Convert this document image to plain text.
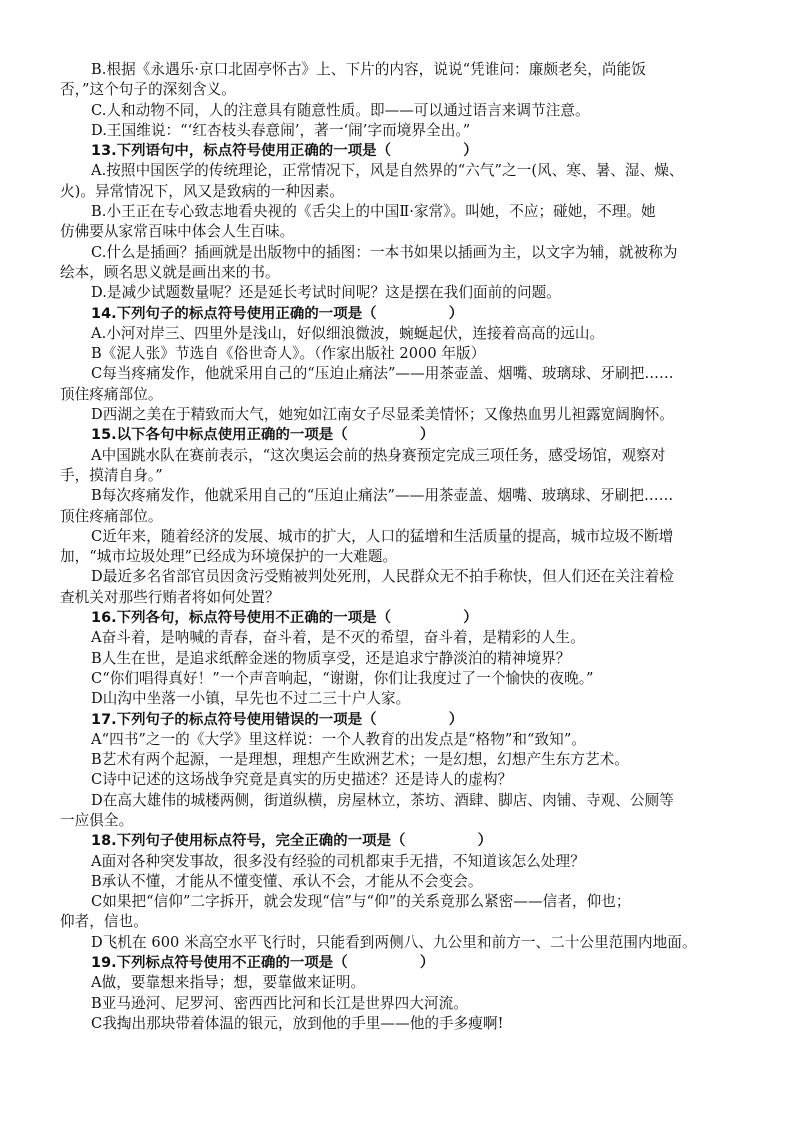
B.根据《永遇乐·京口北固亭怀古》上、下片的内容，说说“凭谁问：廉颇老矣，尚能饭
否，”这个句子的深刻含义。
C.人和动物不同，人的注意具有随意性质。即——可以通过语言来调节注意。
D.王国维说：“‘红杏枝头春意闹’，著一‘闹’字而境界全出。”
13.下列语句中，标点符号使用正确的一项是（　　　　　）
A.按照中国医学的传统理论，正常情况下，风是自然界的“六气”之一(风、寒、暑、湿、燥、
火)。异常情况下，风又是致病的一种因素。
B.小王正在专心致志地看央视的《舌尖上的中国Ⅱ·家常》。叫她，不应；碰她，不理。她
仿佛要从家常百味中体会人生百味。
C.什么是插画？插画就是出版物中的插图：一本书如果以插画为主，以文字为辅，就被称为
绘本，顾名思义就是画出来的书。
D.是减少试题数量呢？还是延长考试时间呢？这是摆在我们面前的问题。
14.下列句子的标点符号使用正确的一项是（　　　　　）
A.小河对岸三、四里外是浅山，好似细浪微波，蜿蜒起伏，连接着高高的远山。
B《泥人张》节选自《俗世奇人》。（作家出版社 2000 年版）
C每当疼痛发作，他就采用自己的“压迫止痛法”——用茶壶盖、烟嘴、玻璃球、牙刷把……
顶住疼痛部位。
D西湖之美在于精致而大气，她宛如江南女子尽显柔美情怀；又像热血男儿袒露宽阔胸怀。
15.以下各句中标点使用正确的一项是（　　　　　）
A中国跳水队在赛前表示，“这次奥运会前的热身赛预定完成三项任务，感受场馆，观察对
手，摸清自身。”
B每次疼痛发作，他就采用自己的“压迫止痛法”——用茶壶盖、烟嘴、玻璃球、牙刷把……
顶住疼痛部位。
C近年来，随着经济的发展、城市的扩大，人口的猛增和生活质量的提高，城市垃圾不断增
加，“城市垃圾处理”已经成为环境保护的一大难题。
D最近多名省部官员因贪污受贿被判处死刑，人民群众无不拍手称快，但人们还在关注着检
查机关对那些行贿者将如何处置？
16.下列各句，标点符号使用不正确的一项是（　　　　　）
A奋斗着，是呐喊的青春，奋斗着，是不灭的希望，奋斗着，是精彩的人生。
B人生在世，是追求纸醉金迷的物质享受，还是追求宁静淡泊的精神境界？
C“你们唱得真好！”一个声音响起，“谢谢，你们让我度过了一个愉快的夜晚。”
D山沟中坐落一小镇，早先也不过二三十户人家。
17.下列句子的标点符号使用错误的一项是（　　　　　）
A“四书”之一的《大学》里这样说：一个人教育的出发点是“格物”和“致知”。
B艺术有两个起源，一是理想，理想产生欧洲艺术；一是幻想，幻想产生东方艺术。
C诗中记述的这场战争究竟是真实的历史描述？还是诗人的虚构？
D在高大雄伟的城楼两侧，街道纵横，房屋林立，茶坊、酒肆、脚店、肉铺、寺观、公厕等
一应俱全。
18.下列句子使用标点符号，完全正确的一项是（　　　　　）
A面对各种突发事故，很多没有经验的司机都束手无措，不知道该怎么处理？
B承认不懂，才能从不懂变懂、承认不会，才能从不会变会。
C如果把“信仰”二字拆开，就会发现“信”与“仰”的关系竟那么紧密——信者，仰也；
仰者，信也。
D飞机在 600 米高空水平飞行时，只能看到两侧八、九公里和前方一、二十公里范围内地面。
19.下列标点符号使用不正确的一项是（　　　　　）
A做，要靠想来指导；想，要靠做来证明。
B亚马逊河、尼罗河、密西西比河和长江是世界四大河流。
C我掏出那块带着体温的银元，放到他的手里——他的手多瘦啊!
